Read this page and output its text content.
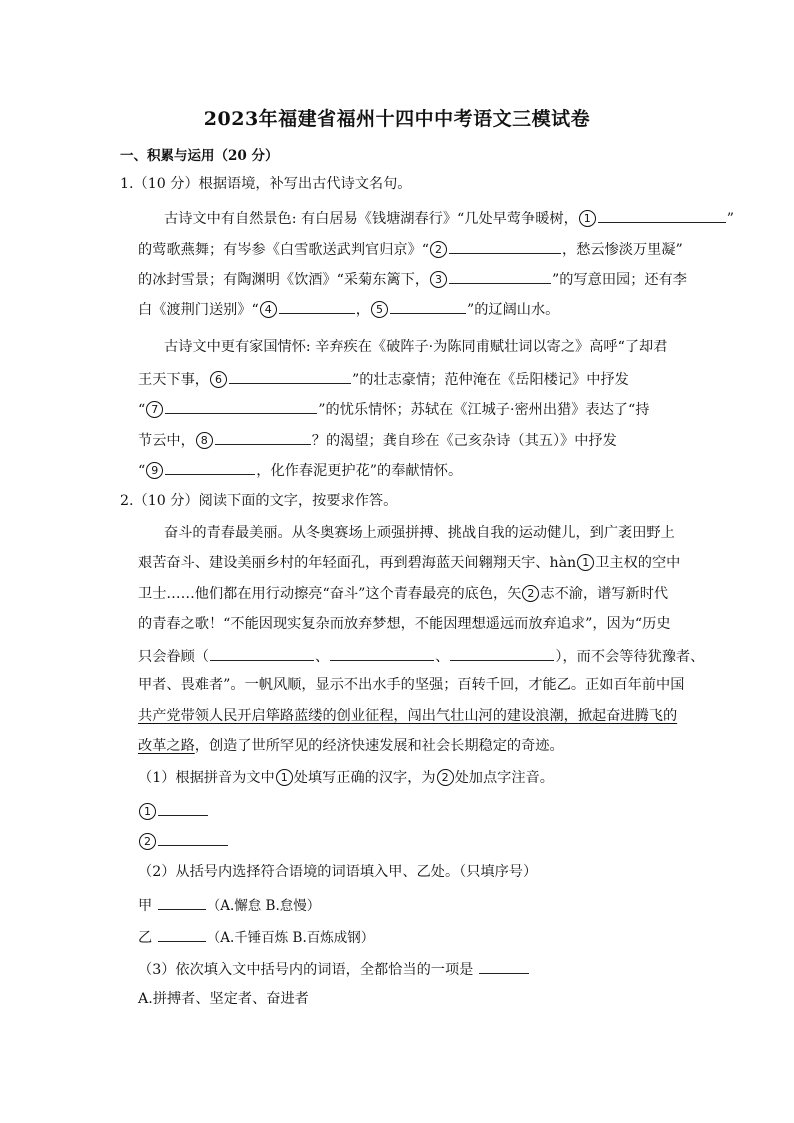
2023年福建省福州十四中中考语文三模试卷
一、积累与运用（20 分）
1.（10 分）根据语境，补写出古代诗文名句。
古诗文中有自然景色: 有白居易《钱塘湖春行》“几处早莺争暖树， 1	”
的莺歌燕舞；有岑参《白雪歌送武判官归京》“ 2	，愁云惨淡万里凝”
的冰封雪景；有陶渊明《饮酒》“采菊东篱下， 3	”的写意田园；还有李
白《渡荆门送别》“ 4	， 5	”的辽阔山水。
古诗文中更有家国情怀: 辛弃疾在《破阵子·为陈同甫赋壮词以寄之》高呼“了却君
王天下事， 6	”的壮志豪情；范仲淹在《岳阳楼记》中抒发
“ 7	”的忧乐情怀；苏轼在《江城子·密州出猎》表达了“持
节云中， 8	？的渴望；龚自珍在《己亥杂诗（其五）》中抒发
“ 9	，化作春泥更护花”的奉献情怀。
2.（10 分）阅读下面的文字，按要求作答。
奋斗的青春最美丽。从冬奥赛场上顽强拼搏、挑战自我的运动健儿，到广袤田野上
艰苦奋斗、建设美丽乡村的年轻面孔，再到碧海蓝天间翱翔天宇、hàn 1 卫主权的空中
卫士……他们都在用行动擦亮“奋斗”这个青春最亮的底色，矢 2 志不渝，谱写新时代
的青春之歌！“不能因现实复杂而放弃梦想，不能因理想遥远而放弃追求”，因为“历史
只会眷顾（	、	、	），而不会等待犹豫者、
甲者、畏难者”。一帆风顺，显示不出水手的坚强；百转千回，才能乙。正如百年前中国
共产党带领人民开启筚路蓝缕的创业征程，闯出气壮山河的建设浪潮，掀起奋进腾飞的
改革之路，创造了世所罕见的经济快速发展和社会长期稳定的奇迹。
（1）根据拼音为文中 1 处填写正确的汉字，为 2 处加点字注音。
1
2
（2）从括号内选择符合语境的词语填入甲、乙处。（只填序号）
甲	（A.懈怠 B.怠慢）
乙	（A.千锤百炼 B.百炼成钢）
（3）依次填入文中括号内的词语，全都恰当的一项是
A.拼搏者、坚定者、奋进者
